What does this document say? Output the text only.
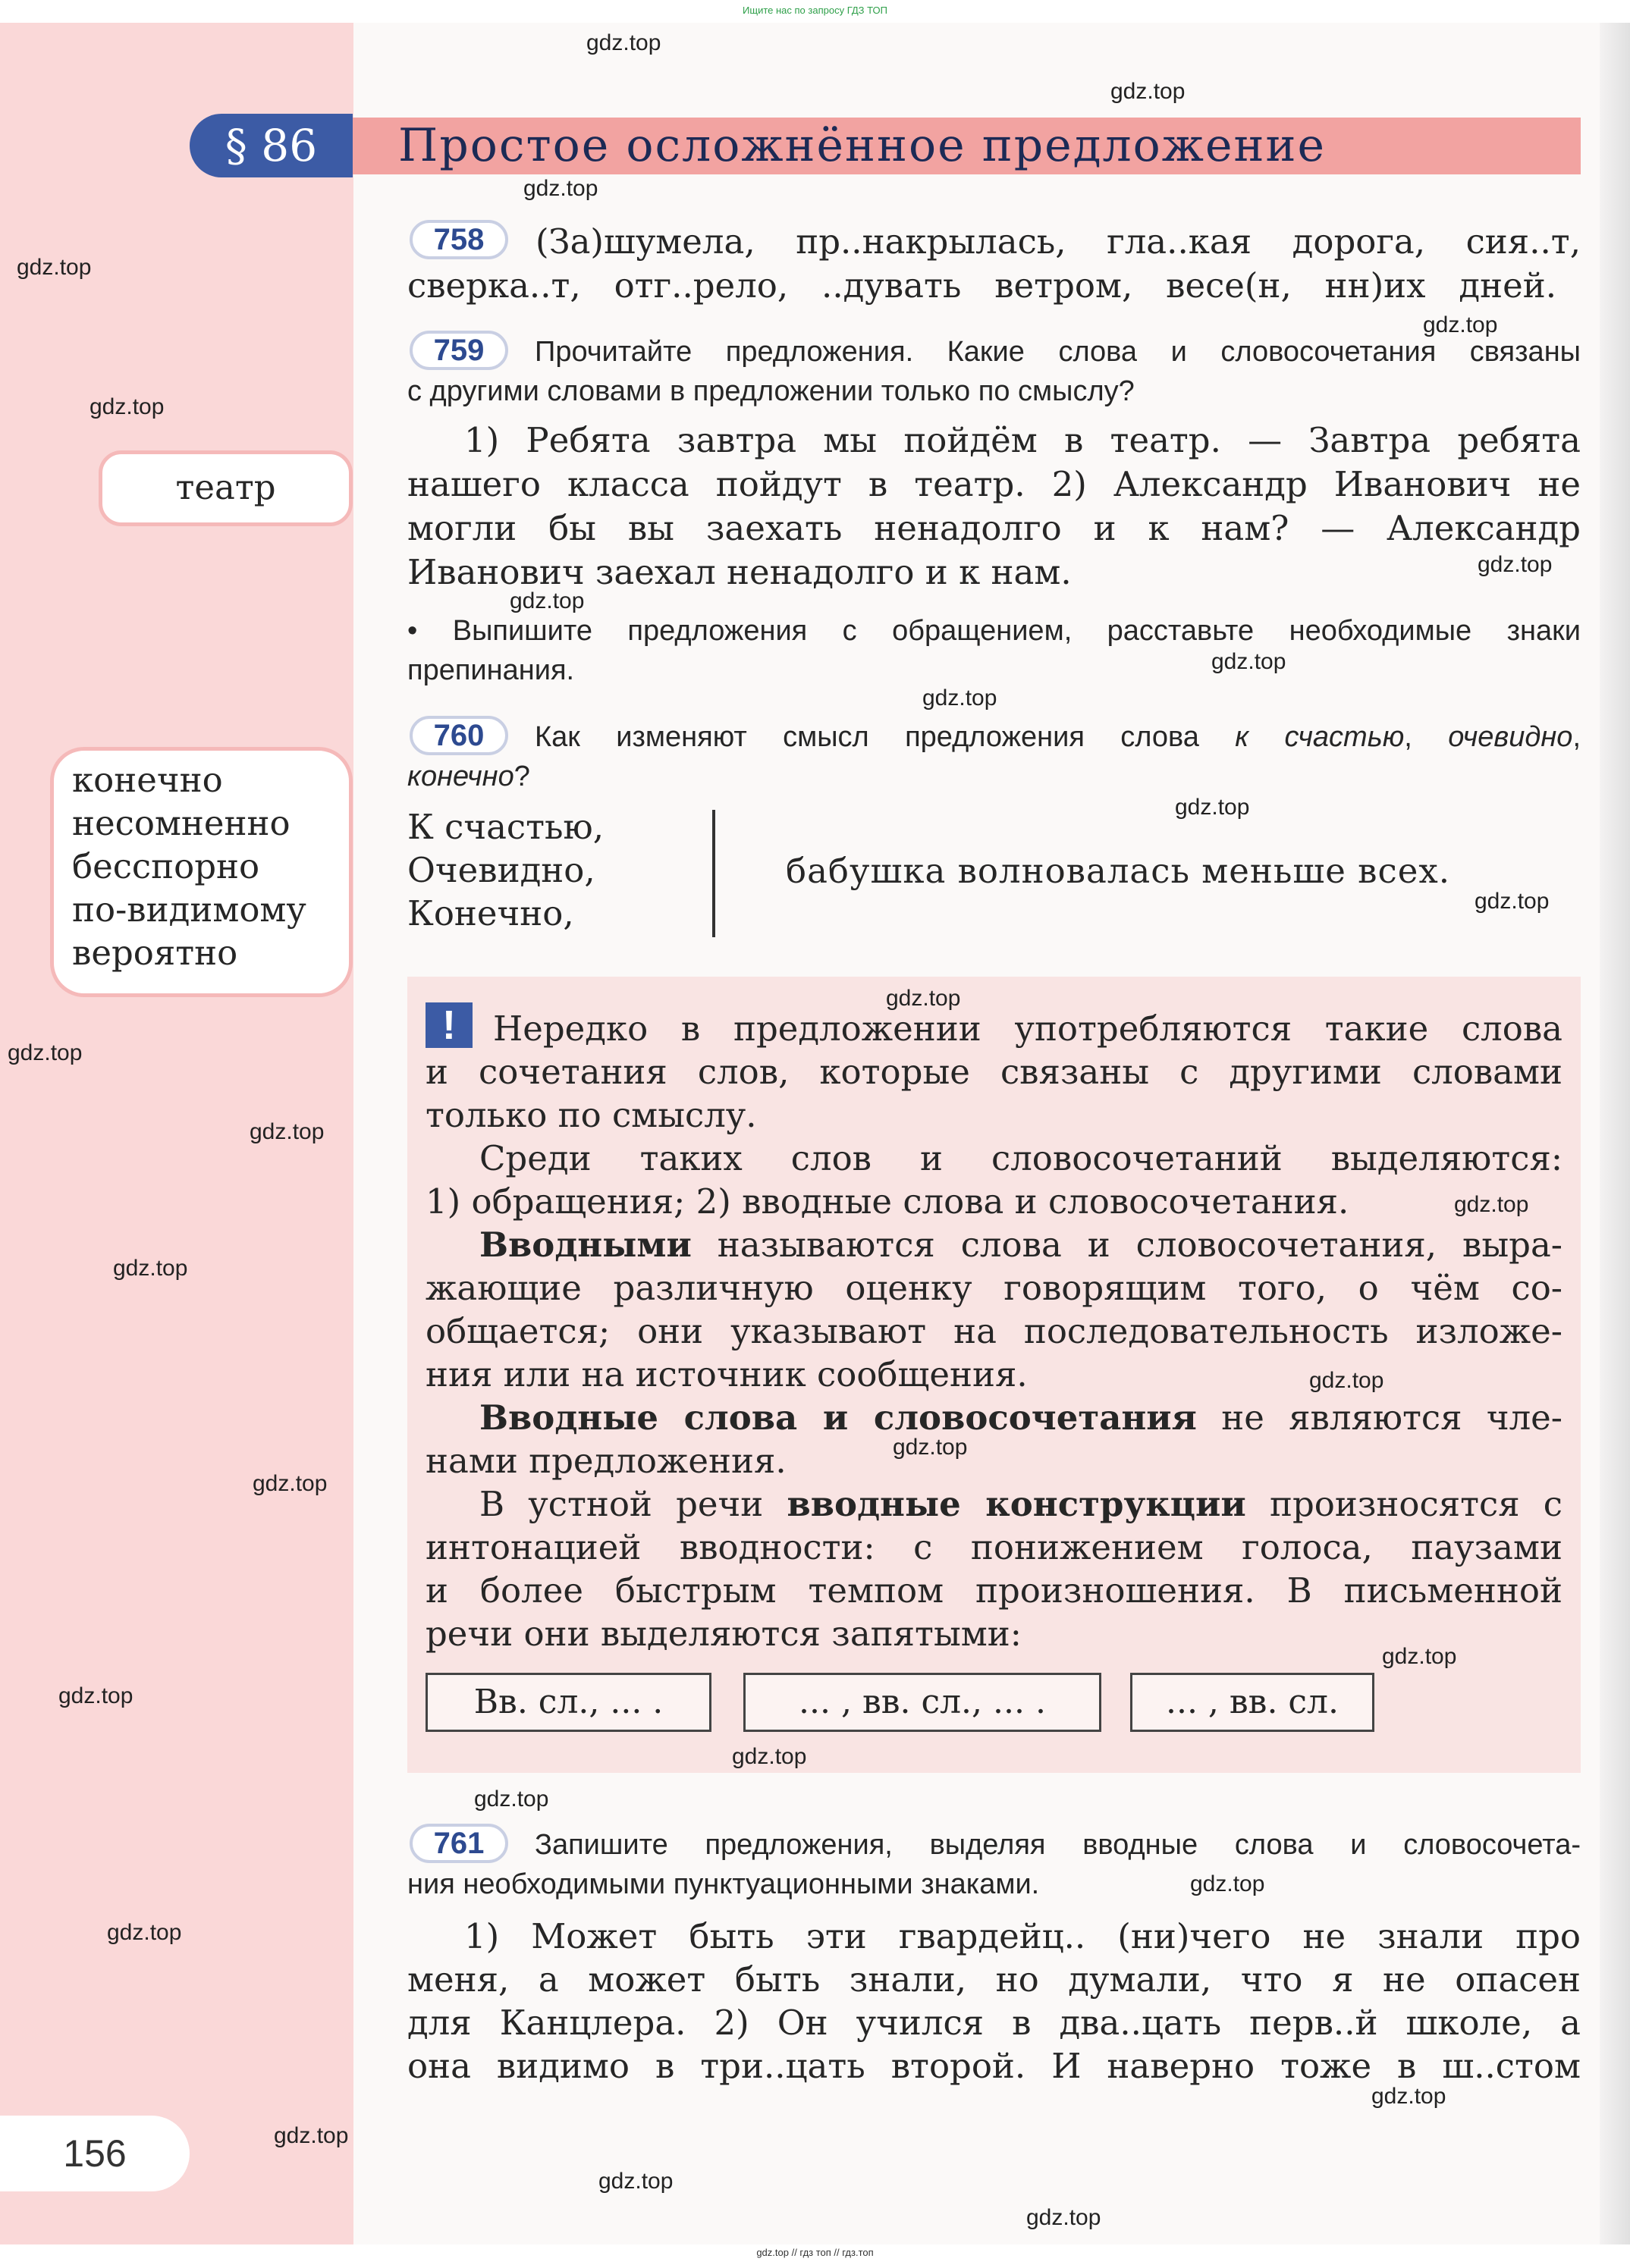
Ищите нас по запросу ГДЗ ТОП
§ 86	Простое осложнённое предложение
758	(За)шумела, пр..накрылась, гла..кая дорога, сия..т,
сверка..т, отг..рело, ..дувать ветром, весе(н, нн)их дней.
759	Прочитайте предложения. Какие слова и словосочетания связаны
с другими словами в предложении только по смыслу?
1) Ребята завтра мы пойдём в театр. — Завтра ребята
нашего класса пойдут в театр. 2) Александр Иванович не
могли бы вы заехать ненадолго и к нам? — Александр
Иванович заехал ненадолго и к нам.
• Выпишите предложения с обращением, расставьте необходимые знаки
препинания.
театр
конечно
несомненно
бесспорно
по-видимому
вероятно
760	Как изменяют смысл предложения слова к счастью, очевидно,
конечно?
К счастью,
Очевидно,
Конечно,
бабушка волновалась меньше всех.
!	Нередко в предложении употребляются такие слова
и сочетания слов, которые связаны с другими словами
только по смыслу.
Среди таких слов и словосочетаний выделяются:
1) обращения; 2) вводные слова и словосочетания.
Вводными называются слова и словосочетания, выра-
жающие различную оценку говорящим того, о чём со-
общается; они указывают на последовательность изложе-
ния или на источник сообщения.
Вводные слова и словосочетания не являются чле-
нами предложения.
В устной речи вводные конструкции произносятся с
интонацией вводности: с понижением голоса, паузами
и более быстрым темпом произношения. В письменной
речи они выделяются запятыми:
Вв. сл., ... .	... , вв. сл., ... .	... , вв. сл.
761	Запишите предложения, выделяя вводные слова и словосочета-
ния необходимыми пунктуационными знаками.
1) Может быть эти гвардейц.. (ни)чего не знали про
меня, а может быть знали, но думали, что я не опасен
для Канцлера. 2) Он учился в два..цать перв..й школе, а
она видимо в три..цать второй. И наверно тоже в ш..стом
156
gdz.top
gdz.top
gdz.top
gdz.top
gdz.top
gdz.top
gdz.top
gdz.top
gdz.top
gdz.top
gdz.top
gdz.top
gdz.top
gdz.top
gdz.top
gdz.top
gdz.top
gdz.top
gdz.top
gdz.top
gdz.top
gdz.top
gdz.top
gdz.top
gdz.top
gdz.top
gdz.top
gdz.top
gdz.top
gdz.top
gdz.top // гдз топ // гдз.топ
